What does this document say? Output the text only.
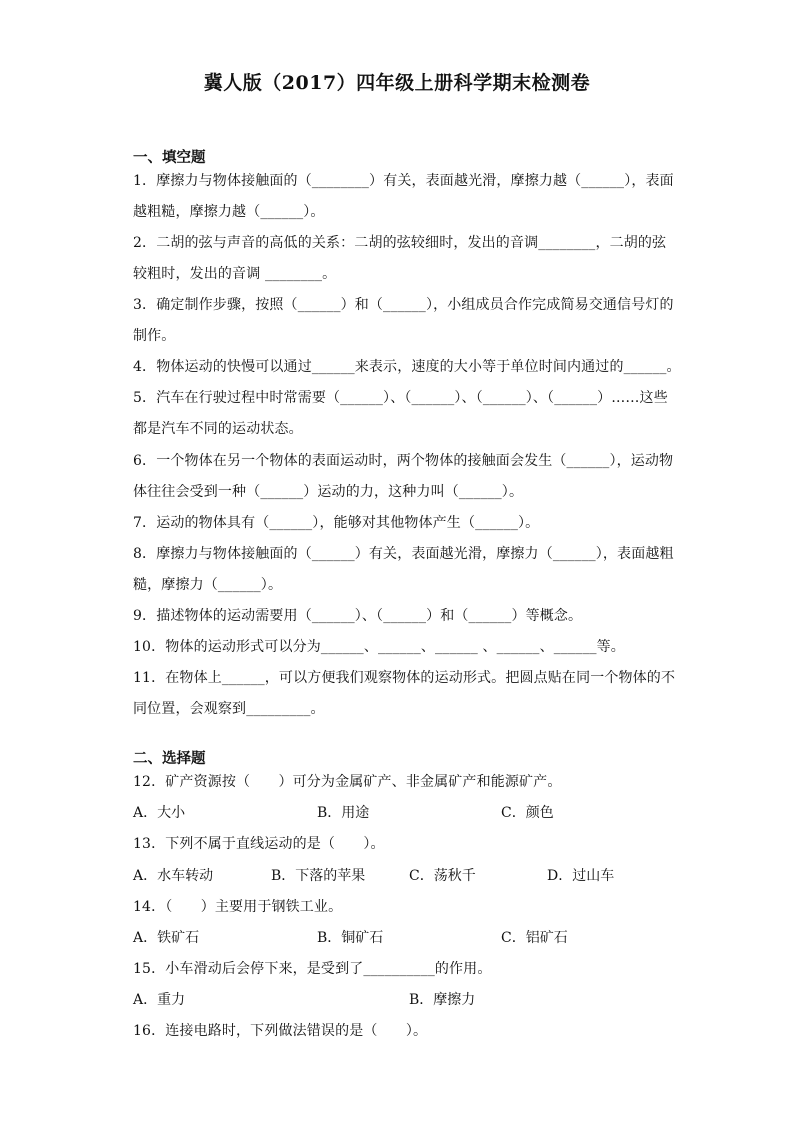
冀人版（2017）四年级上册科学期末检测卷
一、填空题
1．摩擦力与物体接触面的（________）有关，表面越光滑，摩擦力越（______），表面
越粗糙，摩擦力越（______）。
2．二胡的弦与声音的高低的关系：二胡的弦较细时，发出的音调________，二胡的弦
较粗时，发出的音调 ________。
3．确定制作步骤，按照（______）和（______），小组成员合作完成简易交通信号灯的
制作。
4．物体运动的快慢可以通过______来表示，速度的大小等于单位时间内通过的______。
5．汽车在行驶过程中时常需要（______）、（______）、（______）、（______）……这些
都是汽车不同的运动状态。
6．一个物体在另一个物体的表面运动时，两个物体的接触面会发生（______），运动物
体往往会受到一种（______）运动的力，这种力叫（______）。
7．运动的物体具有（______），能够对其他物体产生（______）。
8．摩擦力与物体接触面的（______）有关，表面越光滑，摩擦力（______），表面越粗
糙，摩擦力（______）。
9．描述物体的运动需要用（______）、（______）和（______）等概念。
10．物体的运动形式可以分为______、______、______ 、______、______等。
11．在物体上______，可以方便我们观察物体的运动形式。把圆点贴在同一个物体的不
同位置，会观察到_________。
二、选择题
12．矿产资源按（　　）可分为金属矿产、非金属矿产和能源矿产。
A．大小	B．用途	C．颜色
13．下列不属于直线运动的是（　　）。
A．水车转动	B．下落的苹果	C．荡秋千	D．过山车
14．（　　）主要用于钢铁工业。
A．铁矿石	B．铜矿石	C．铝矿石
15．小车滑动后会停下来，是受到了__________的作用。
A．重力	B．摩擦力
16．连接电路时，下列做法错误的是（　　）。
